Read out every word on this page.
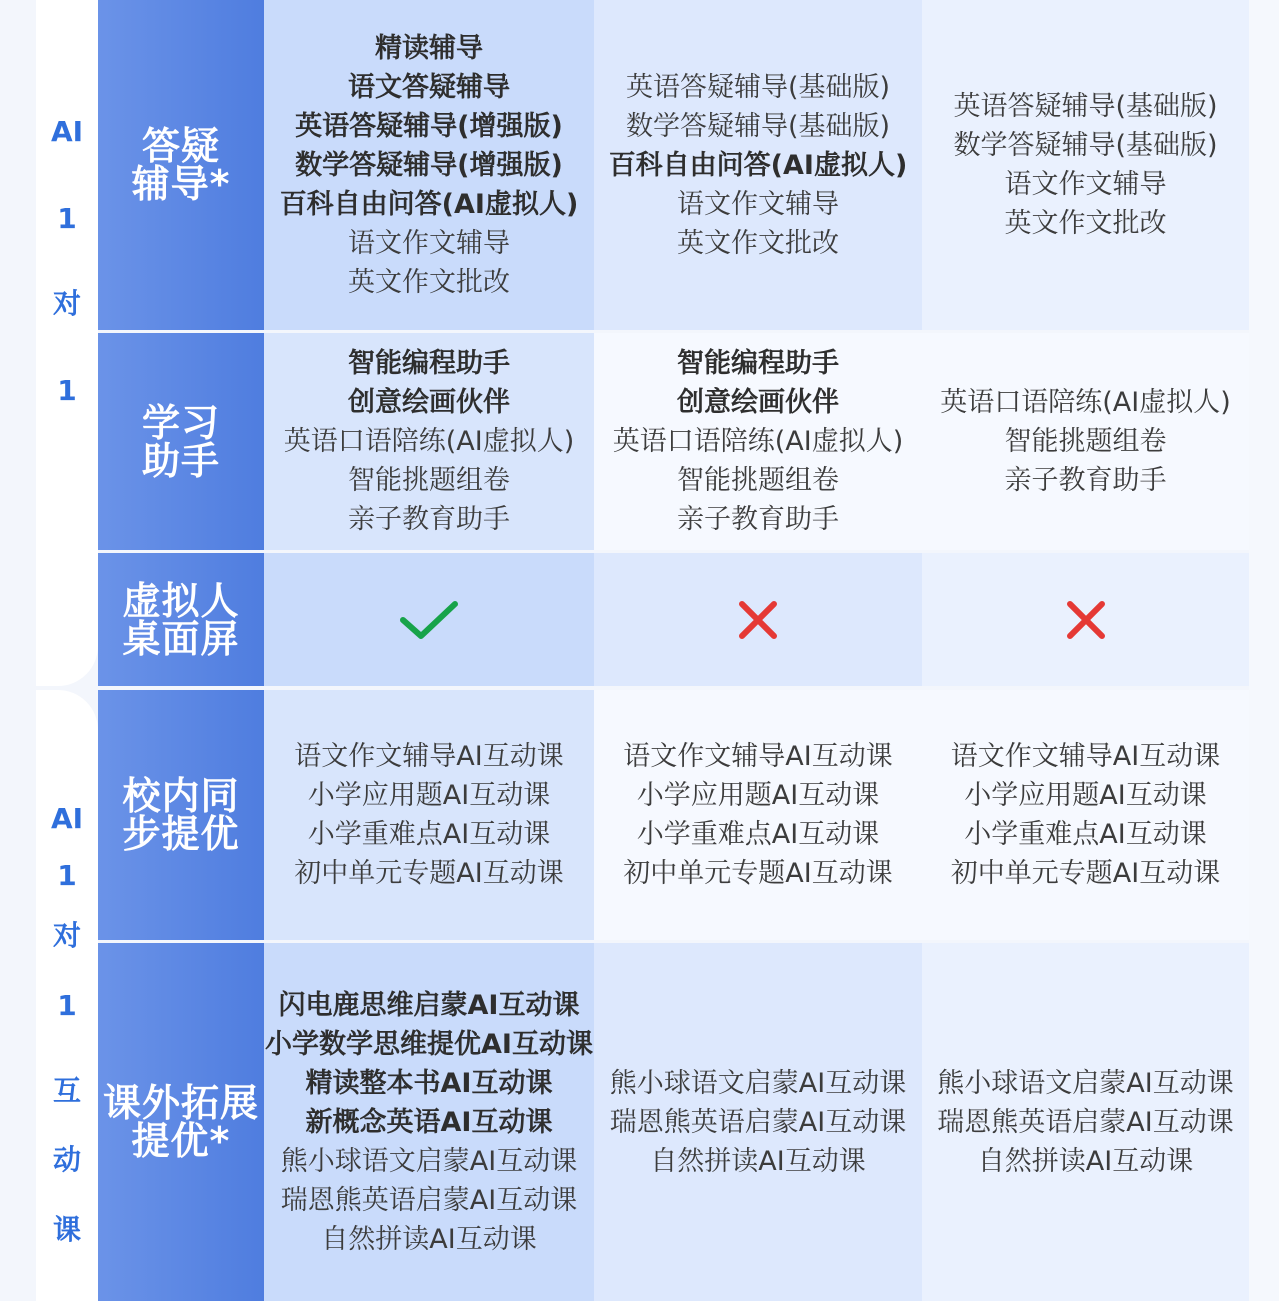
AI
1
对
1
AI
1
对
1
互
动
课
答疑
辅导*
学习
助手
虚拟人
桌面屏
校内同
步提优
课外拓展
提优*
精读辅导
语文答疑辅导
英语答疑辅导(增强版)
数学答疑辅导(增强版)
百科自由问答(AI虚拟人)
语文作文辅导
英文作文批改
英语答疑辅导(基础版)
数学答疑辅导(基础版)
百科自由问答(AI虚拟人)
语文作文辅导
英文作文批改
英语答疑辅导(基础版)
数学答疑辅导(基础版)
语文作文辅导
英文作文批改
智能编程助手
创意绘画伙伴
英语口语陪练(AI虚拟人)
智能挑题组卷
亲子教育助手
智能编程助手
创意绘画伙伴
英语口语陪练(AI虚拟人)
智能挑题组卷
亲子教育助手
英语口语陪练(AI虚拟人)
智能挑题组卷
亲子教育助手
语文作文辅导AI互动课
小学应用题AI互动课
小学重难点AI互动课
初中单元专题AI互动课
语文作文辅导AI互动课
小学应用题AI互动课
小学重难点AI互动课
初中单元专题AI互动课
语文作文辅导AI互动课
小学应用题AI互动课
小学重难点AI互动课
初中单元专题AI互动课
闪电鹿思维启蒙AI互动课
小学数学思维提优AI互动课
精读整本书AI互动课
新概念英语AI互动课
熊小球语文启蒙AI互动课
瑞恩熊英语启蒙AI互动课
自然拼读AI互动课
熊小球语文启蒙AI互动课
瑞恩熊英语启蒙AI互动课
自然拼读AI互动课
熊小球语文启蒙AI互动课
瑞恩熊英语启蒙AI互动课
自然拼读AI互动课
